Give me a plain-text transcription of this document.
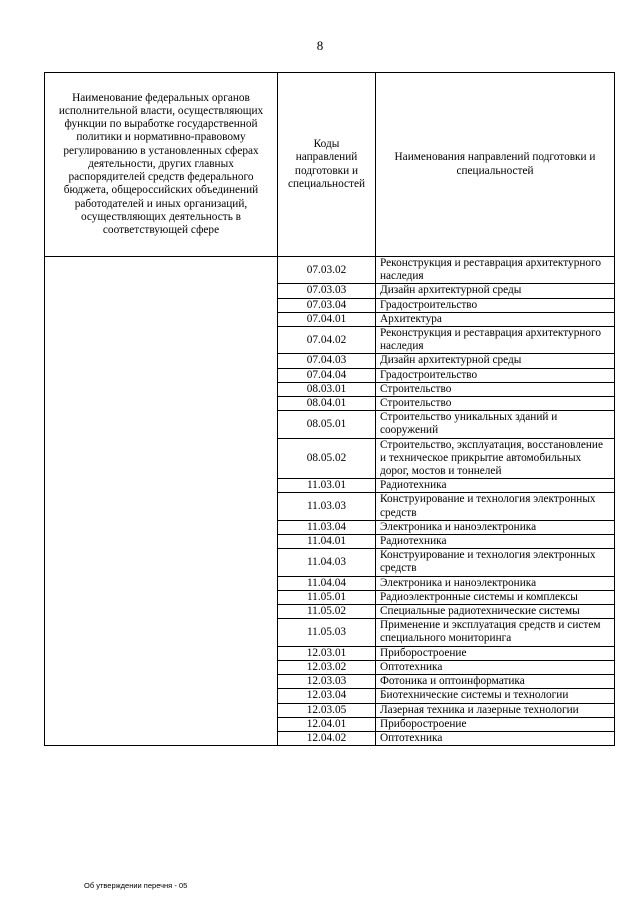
8
Наименование федеральных органов исполнительной власти, осуществляющих функции по выработке государственной политики и нормативно-правовому регулированию в установленных сферах деятельности, других главных распорядителей средств федерального бюджета, общероссийских объединений работодателей и иных организаций, осуществляющих деятельность в соответствующей сфере	Коды направлений подготовки и специальностей	Наименования направлений подготовки и специальностей
	07.03.02	Реконструкция и реставрация архитектурного наследия
	07.03.03	Дизайн архитектурной среды
	07.03.04	Градостроительство
	07.04.01	Архитектура
	07.04.02	Реконструкция и реставрация архитектурного наследия
	07.04.03	Дизайн архитектурной среды
	07.04.04	Градостроительство
	08.03.01	Строительство
	08.04.01	Строительство
	08.05.01	Строительство уникальных зданий и сооружений
	08.05.02	Строительство, эксплуатация, восстановление и техническое прикрытие автомобильных дорог, мостов и тоннелей
	11.03.01	Радиотехника
	11.03.03	Конструирование и технология электронных средств
	11.03.04	Электроника и наноэлектроника
	11.04.01	Радиотехника
	11.04.03	Конструирование и технология электронных средств
	11.04.04	Электроника и наноэлектроника
	11.05.01	Радиоэлектронные системы и комплексы
	11.05.02	Специальные радиотехнические системы
	11.05.03	Применение и эксплуатация средств и систем специального мониторинга
	12.03.01	Приборостроение
	12.03.02	Оптотехника
	12.03.03	Фотоника и оптоинформатика
	12.03.04	Биотехнические системы и технологии
	12.03.05	Лазерная техника и лазерные технологии
	12.04.01	Приборостроение
	12.04.02	Оптотехника
Об утверждении перечня - 05
